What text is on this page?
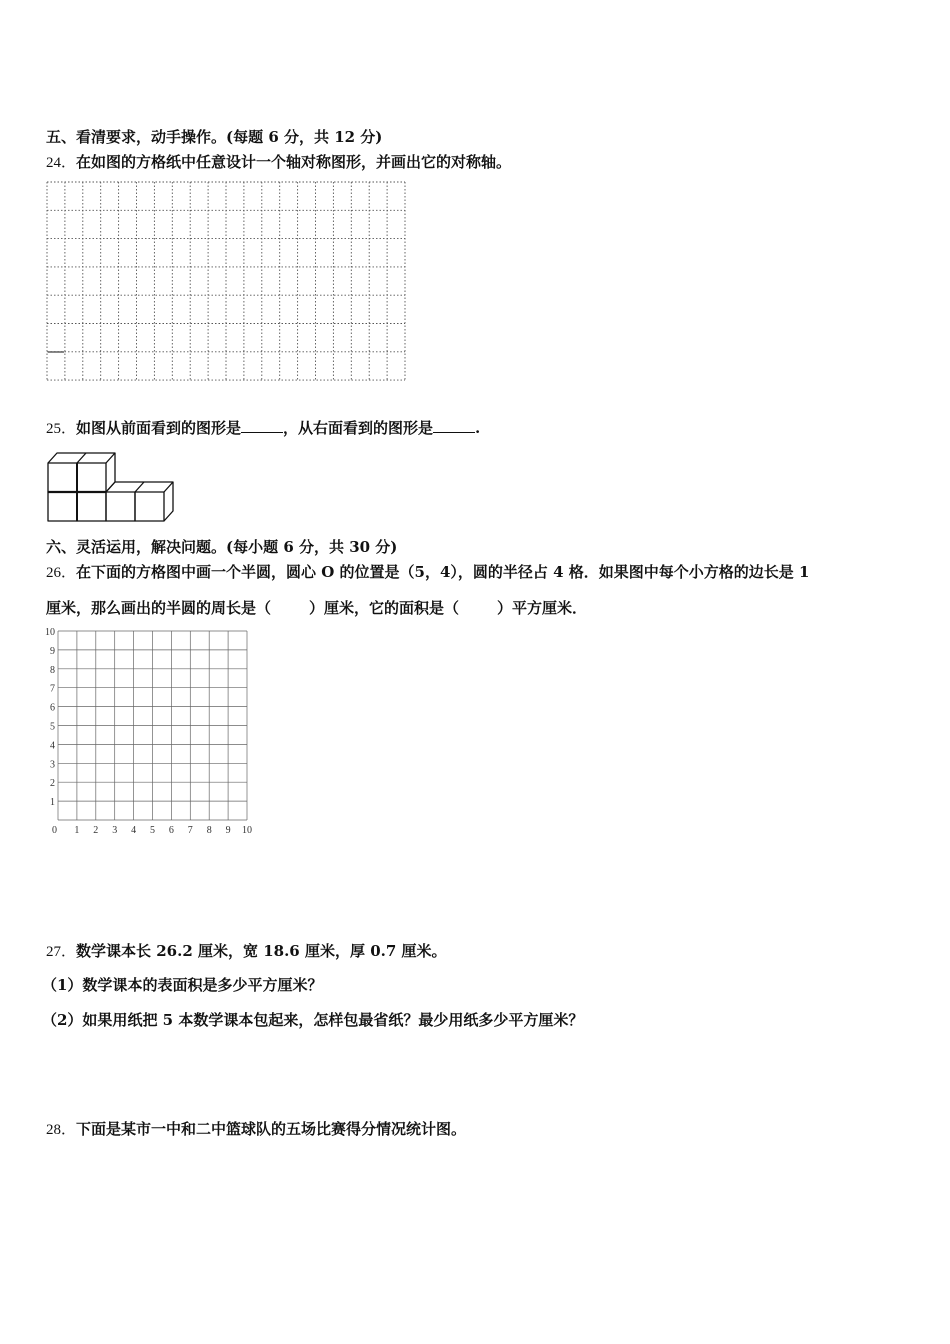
五、看清要求，动手操作。(每题 6 分，共 12 分)
24．在如图的方格纸中任意设计一个轴对称图形，并画出它的对称轴。
25．如图从前面看到的图形是	，从右面看到的图形是	.
六、灵活运用，解决问题。(每小题 6 分，共 30 分)
26．在下面的方格图中画一个半圆，圆心 O 的位置是（5，4），圆的半径占 4 格．如果图中每个小方格的边长是 1
厘米，那么画出的半圆的周长是（	）厘米，它的面积是（	）平方厘米．
0 1 2 3 4 5 6 7 8 9 10
1
2
3
4
5
6
7
8
9
10
27．数学课本长 26.2 厘米，宽 18.6 厘米，厚 0.7 厘米。
（1）数学课本的表面积是多少平方厘米？
（2）如果用纸把 5 本数学课本包起来，怎样包最省纸？最少用纸多少平方厘米？
28．下面是某市一中和二中篮球队的五场比赛得分情况统计图。
